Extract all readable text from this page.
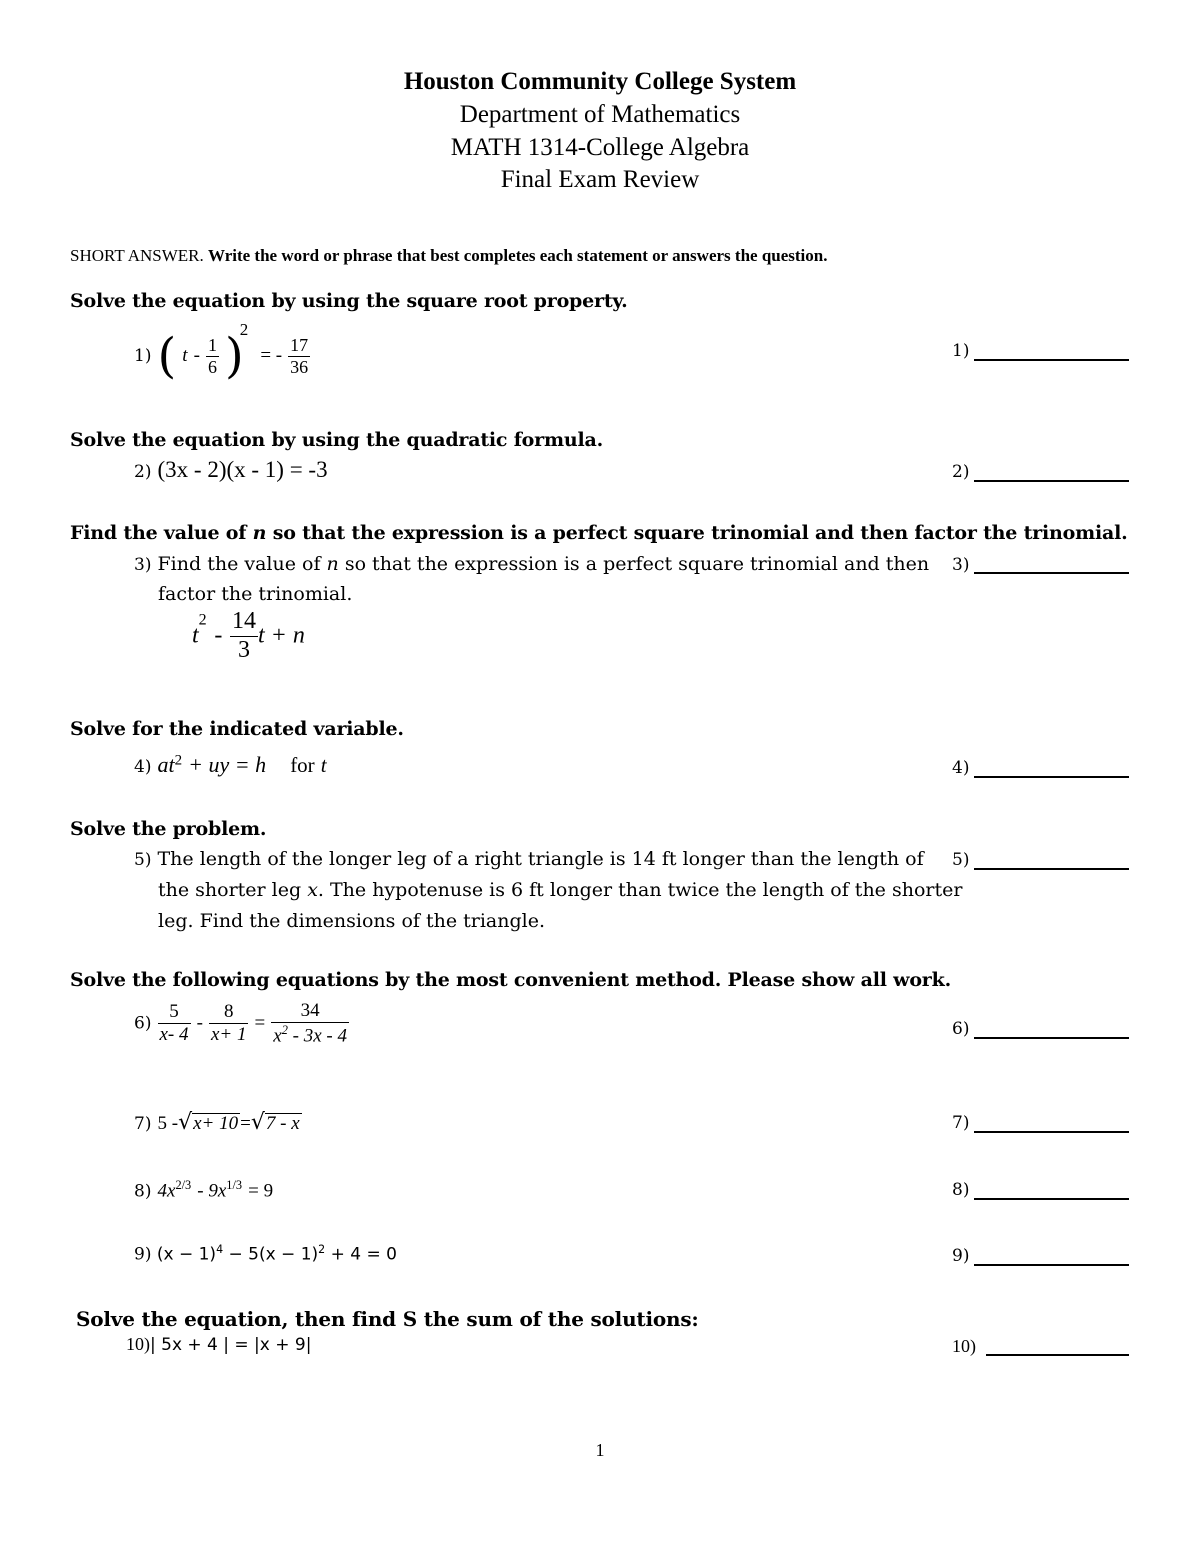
Houston Community College System
Department of Mathematics
MATH 1314-College Algebra
Final Exam Review
SHORT ANSWER. Write the word or phrase that best completes each statement or answers the question.
Solve the equation by using the square root property.
1) ( t - $\frac{1}{6} )^2$ = - $\frac{17}{36}$
Solve the equation by using the quadratic formula.
2) (3x - 2)(x - 1) = -3
Find the value of n so that the expression is a perfect square trinomial and then factor the trinomial.
3) Find the value of n so that the expression is a perfect square trinomial and then
factor the trinomial.
$t^2 - \frac{14}{3}$ t + n
Solve for the indicated variable.
4) $at^2$ + uy = h for t
Solve the problem.
5) The length of the longer leg of a right triangle is 14 ft longer than the length of
the shorter leg x. The hypotenuse is 6 ft longer than twice the length of the shorter
leg. Find the dimensions of the triangle.
Solve the following equations by the most convenient method. Please show all work.
$6) \frac{5}{x- 4} - \frac{8}{x+ 1} = \frac{34}{x^2 - 3x - 4}$
7) 5 -√x+ 10 =√7 - x
8) $4x^{2/3} - 9x^{1/3} = 9$
9) $(x - 1)^4 - 5(x - 1)^2 + 4 = 0$
Solve the equation, then find S the sum of the solutions:
10)| 5x + 4 | = |x + 9|
1)
2)
3)
4)
5)
6)
7)
8)
9)
10)
1
